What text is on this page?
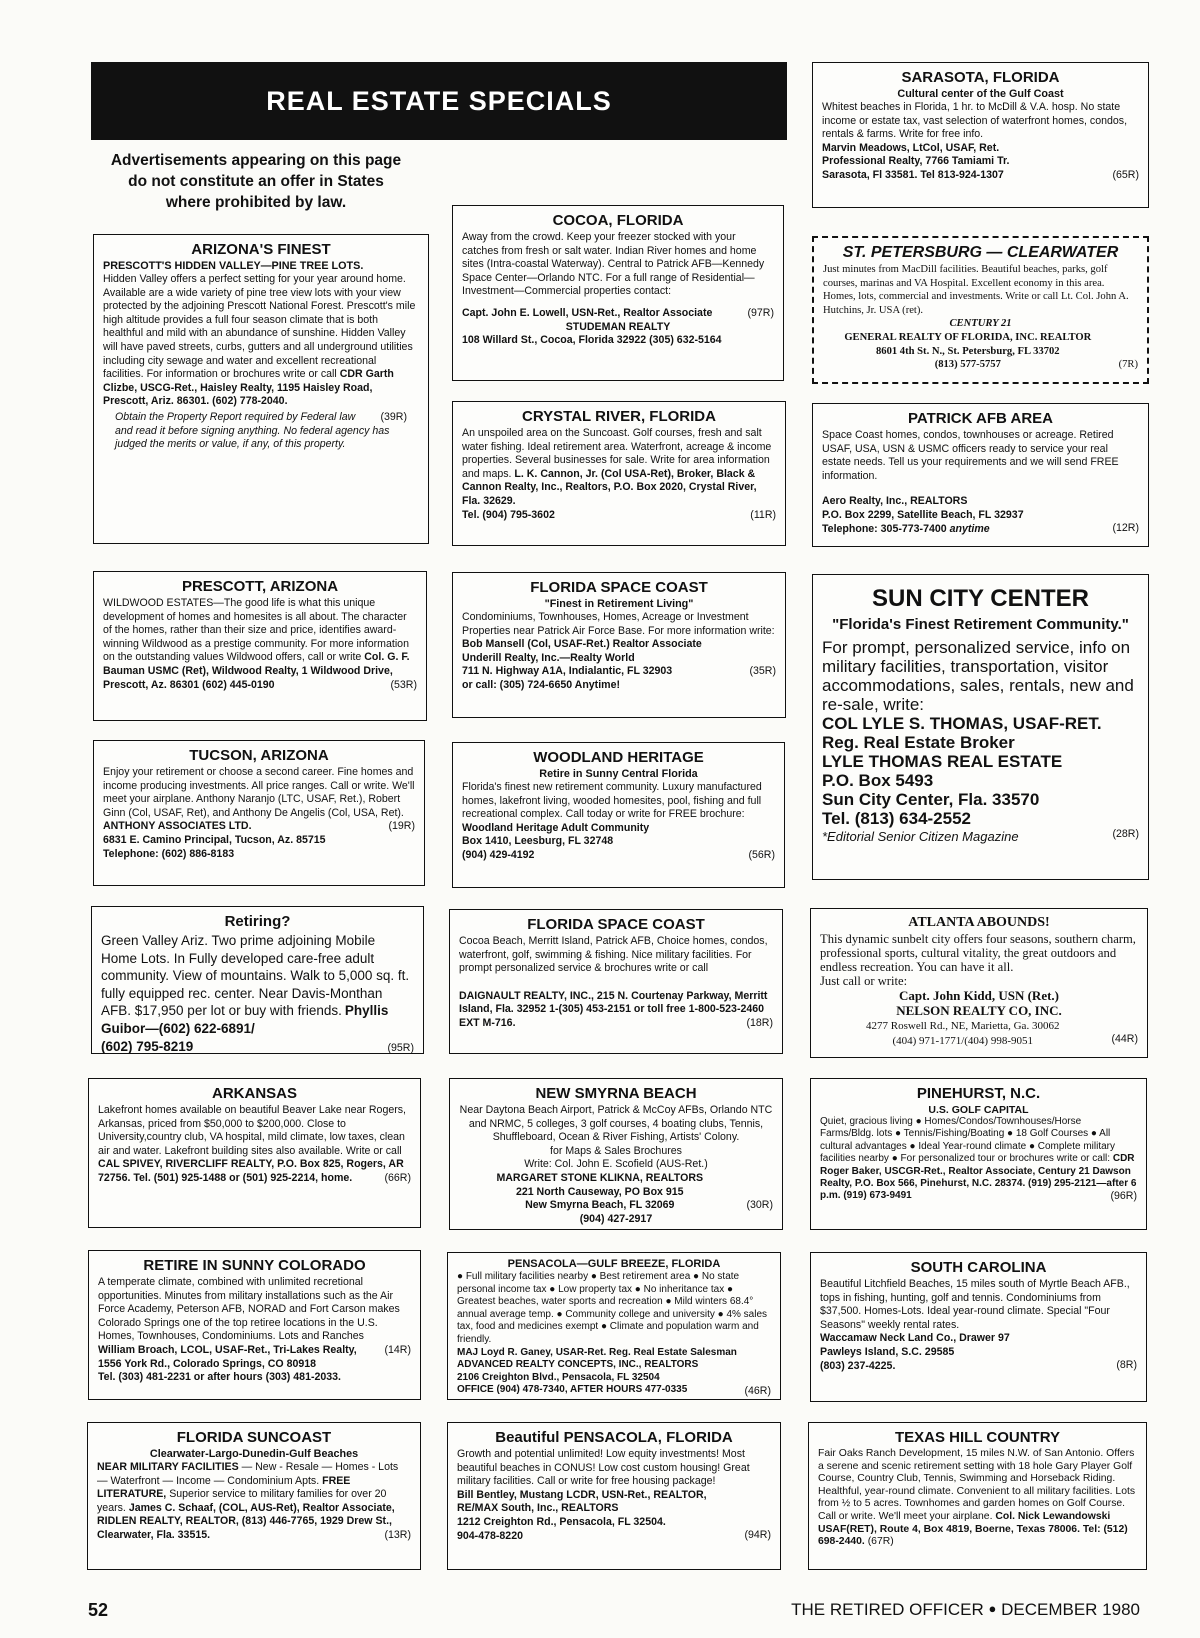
REAL ESTATE SPECIALS
Advertisements appearing on this page
do not constitute an offer in States
where prohibited by law.
ARIZONA'S FINEST
PRESCOTT'S HIDDEN VALLEY—PINE TREE LOTS.
Hidden Valley offers a perfect setting for your year around home. Available are a wide variety of pine tree view lots with your view protected by the adjoining Prescott National Forest. Prescott's mile high altitude provides a full four season climate that is both healthful and mild with an abundance of sunshine. Hidden Valley will have paved streets, curbs, gutters and all underground utilities including city sewage and water and excellent recreational facilities. For information or brochures write or call CDR Garth Clizbe, USCG-Ret., Haisley Realty, 1195 Haisley Road, Prescott, Ariz. 86301. (602) 778-2040.
(39R)
Obtain the Property Report required by Federal law and read it before signing anything. No federal agency has judged the merits or value, if any, of this property.
PRESCOTT, ARIZONA
WILDWOOD ESTATES—The good life is what this unique development of homes and homesites is all about. The character of the homes, rather than their size and price, identifies award-winning Wildwood as a prestige community. For more information on the outstanding values Wildwood offers, call or write Col. G. F. Bauman USMC (Ret), Wildwood Realty, 1 Wildwood Drive, Prescott, Az. 86301 (602) 445-0190	(53R)
TUCSON, ARIZONA
Enjoy your retirement or choose a second career. Fine homes and income producing investments. All price ranges. Call or write. We'll meet your airplane. Anthony Naranjo (LTC, USAF, Ret.), Robert Ginn (Col, USAF, Ret), and Anthony De Angelis (Col, USA, Ret).
(19R)
ANTHONY ASSOCIATES LTD.
6831 E. Camino Principal, Tucson, Az. 85715
Telephone: (602) 886-8183
Retiring?
Green Valley Ariz. Two prime adjoining Mobile Home Lots. In Fully developed care-free adult community. View of mountains. Walk to 5,000 sq. ft. fully equipped rec. center. Near Davis-Monthan AFB. $17,950 per lot or buy with friends. Phyllis Guibor—(602) 622-6891/
(602) 795-8219	(95R)
ARKANSAS
Lakefront homes available on beautiful Beaver Lake near Rogers, Arkansas, priced from $50,000 to $200,000. Close to University,country club, VA hospital, mild climate, low taxes, clean air and water. Lakefront building sites also available. Write or call CAL SPIVEY, RIVERCLIFF REALTY, P.O. Box 825, Rogers, AR 72756. Tel. (501) 925-1488 or (501) 925-2214, home.	(66R)
RETIRE IN SUNNY COLORADO
A temperate climate, combined with unlimited recretional opportunities. Minutes from military installations such as the Air Force Academy, Peterson AFB, NORAD and Fort Carson makes Colorado Springs one of the top retiree locations in the U.S. Homes, Townhouses, Condominiums. Lots and Ranches
(14R)
William Broach, LCOL, USAF-Ret., Tri-Lakes Realty, 1556 York Rd., Colorado Springs, CO 80918
Tel. (303) 481-2231 or after hours (303) 481-2033.
FLORIDA SUNCOAST
Clearwater-Largo-Dunedin-Gulf Beaches
NEAR MILITARY FACILITIES — New - Resale — Homes - Lots — Waterfront — Income — Condominium Apts. FREE LITERATURE, Superior service to military families for over 20 years. James C. Schaaf, (COL, AUS-Ret), Realtor Associate, RIDLEN REALTY, REALTOR, (813) 446-7765, 1929 Drew St., Clearwater, Fla. 33515.	(13R)
COCOA, FLORIDA
Away from the crowd. Keep your freezer stocked with your catches from fresh or salt water. Indian River homes and home sites (Intra-coastal Waterway). Central to Patrick AFB—Kennedy Space Center—Orlando NTC. For a full range of Residential—Investment—Commercial properties contact:
(97R)
Capt. John E. Lowell, USN-Ret., Realtor Associate
STUDEMAN REALTY
108 Willard St., Cocoa, Florida 32922 (305) 632-5164
CRYSTAL RIVER, FLORIDA
An unspoiled area on the Suncoast. Golf courses, fresh and salt water fishing. Ideal retirement area. Waterfront, acreage & income properties. Several businesses for sale. Write for area information and maps. L. K. Cannon, Jr. (Col USA-Ret), Broker, Black & Cannon Realty, Inc., Realtors, P.O. Box 2020, Crystal River, Fla. 32629.
Tel. (904) 795-3602	(11R)
FLORIDA SPACE COAST
"Finest in Retirement Living"
Condominiums, Townhouses, Homes, Acreage or Investment Properties near Patrick Air Force Base. For more information write:
(35R)
Bob Mansell (Col, USAF-Ret.) Realtor Associate
Underill Realty, Inc.—Realty World
711 N. Highway A1A, Indialantic, FL 32903
or call: (305) 724-6650 Anytime!
WOODLAND HERITAGE
Retire in Sunny Central Florida
Florida's finest new retirement community. Luxury manufactured homes, lakefront living, wooded homesites, pool, fishing and full recreational complex. Call today or write for FREE brochure:
(56R)
Woodland Heritage Adult Community
Box 1410, Leesburg, FL 32748
(904) 429-4192
FLORIDA SPACE COAST
Cocoa Beach, Merritt Island, Patrick AFB, Choice homes, condos, waterfront, golf, swimming & fishing. Nice military facilities. For prompt personalized service & brochures write or call
DAIGNAULT REALTY, INC., 215 N. Courtenay Parkway, Merritt Island, Fla. 32952 1-(305) 453-2151 or toll free 1-800-523-2460 EXT M-716.	(18R)
NEW SMYRNA BEACH
Near Daytona Beach Airport, Patrick & McCoy AFBs, Orlando NTC and NRMC, 5 colleges, 3 golf courses, 4 boating clubs, Tennis, Shuffleboard, Ocean & River Fishing, Artists' Colony.
for Maps & Sales Brochures
Write: Col. John E. Scofield (AUS-Ret.)
(30R)
MARGARET STONE KLIKNA, REALTORS
221 North Causeway, PO Box 915
New Smyrna Beach, FL 32069
(904) 427-2917
PENSACOLA—GULF BREEZE, FLORIDA
● Full military facilities nearby ● Best retirement area ● No state personal income tax ● Low property tax ● No inheritance tax ● Greatest beaches, water sports and recreation ● Mild winters 68.4° annual average temp. ● Community college and university ● 4% sales tax, food and medicines exempt ● Climate and population warm and friendly.
(46R)
MAJ Loyd R. Ganey, USAR-Ret. Reg. Real Estate Salesman
ADVANCED REALTY CONCEPTS, INC., REALTORS
2106 Creighton Blvd., Pensacola, FL 32504
OFFICE (904) 478-7340, AFTER HOURS 477-0335
Beautiful PENSACOLA, FLORIDA
Growth and potential unlimited! Low equity investments! Most beautiful beaches in CONUS! Low cost custom housing! Great military facilities. Call or write for free housing package!
(94R)
Bill Bentley, Mustang LCDR, USN-Ret., REALTOR, RE/MAX South, Inc., REALTORS
1212 Creighton Rd., Pensacola, FL 32504.
904-478-8220
SARASOTA, FLORIDA
Cultural center of the Gulf Coast
Whitest beaches in Florida, 1 hr. to McDill & V.A. hosp. No state income or estate tax, vast selection of waterfront homes, condos, rentals & farms. Write for free info.
(65R)
Marvin Meadows, LtCol, USAF, Ret.
Professional Realty, 7766 Tamiami Tr.
Sarasota, Fl 33581. Tel 813-924-1307
ST. PETERSBURG — CLEARWATER
Just minutes from MacDill facilities. Beautiful beaches, parks, golf courses, marinas and VA Hospital. Excellent economy in this area. Homes, lots, commercial and investments. Write or call Lt. Col. John A. Hutchins, Jr. USA (ret).
CENTURY 21
(7R)
GENERAL REALTY OF FLORIDA, INC. REALTOR
8601 4th St. N., St. Petersburg, FL 33702
(813) 577-5757
PATRICK AFB AREA
Space Coast homes, condos, townhouses or acreage. Retired USAF, USA, USN & USMC officers ready to service your real estate needs. Tell us your requirements and we will send FREE information.
(12R)
Aero Realty, Inc., REALTORS
P.O. Box 2299, Satellite Beach, FL 32937
Telephone: 305-773-7400 anytime
SUN CITY CENTER
"Florida's Finest Retirement Community."
For prompt, personalized service, info on military facilities, transportation, visitor accommodations, sales, rentals, new and re-sale, write:
COL LYLE S. THOMAS, USAF-RET.
Reg. Real Estate Broker
LYLE THOMAS REAL ESTATE
P.O. Box 5493
Sun City Center, Fla. 33570
Tel. (813) 634-2552
(28R)
*Editorial Senior Citizen Magazine
ATLANTA ABOUNDS!
This dynamic sunbelt city offers four seasons, southern charm, professional sports, cultural vitality, the great outdoors and endless recreation. You can have it all.
Just call or write:
Capt. John Kidd, USN (Ret.)
NELSON REALTY CO, INC.
(44R)
4277 Roswell Rd., NE, Marietta, Ga. 30062
(404) 971-1771/(404) 998-9051
PINEHURST, N.C.
U.S. GOLF CAPITAL
Quiet, gracious living ● Homes/Condos/Townhouses/Horse Farms/Bldg. lots ● Tennis/Fishing/Boating ● 18 Golf Courses ● All cultural advantages ● Ideal Year-round climate ● Complete military facilities nearby ● For personalized tour or brochures write or call: CDR Roger Baker, USCGR-Ret., Realtor Associate, Century 21 Dawson Realty, P.O. Box 566, Pinehurst, N.C. 28374. (919) 295-2121—after 6 p.m. (919) 673-9491	(96R)
SOUTH CAROLINA
Beautiful Litchfield Beaches, 15 miles south of Myrtle Beach AFB., tops in fishing, hunting, golf and tennis. Condominiums from $37,500. Homes-Lots. Ideal year-round climate. Special "Four Seasons" weekly rental rates.
(8R)
Waccamaw Neck Land Co., Drawer 97
Pawleys Island, S.C. 29585
(803) 237-4225.
TEXAS HILL COUNTRY
Fair Oaks Ranch Development, 15 miles N.W. of San Antonio. Offers a serene and scenic retirement setting with 18 hole Gary Player Golf Course, Country Club, Tennis, Swimming and Horseback Riding. Healthful, year-round climate. Convenient to all military facilities. Lots from ½ to 5 acres. Townhomes and garden homes on Golf Course. Call or write. We'll meet your airplane. Col. Nick Lewandowski USAF(RET), Route 4, Box 4819, Boerne, Texas 78006. Tel: (512) 698-2440. (67R)
52	THE RETIRED OFFICER ● DECEMBER 1980
